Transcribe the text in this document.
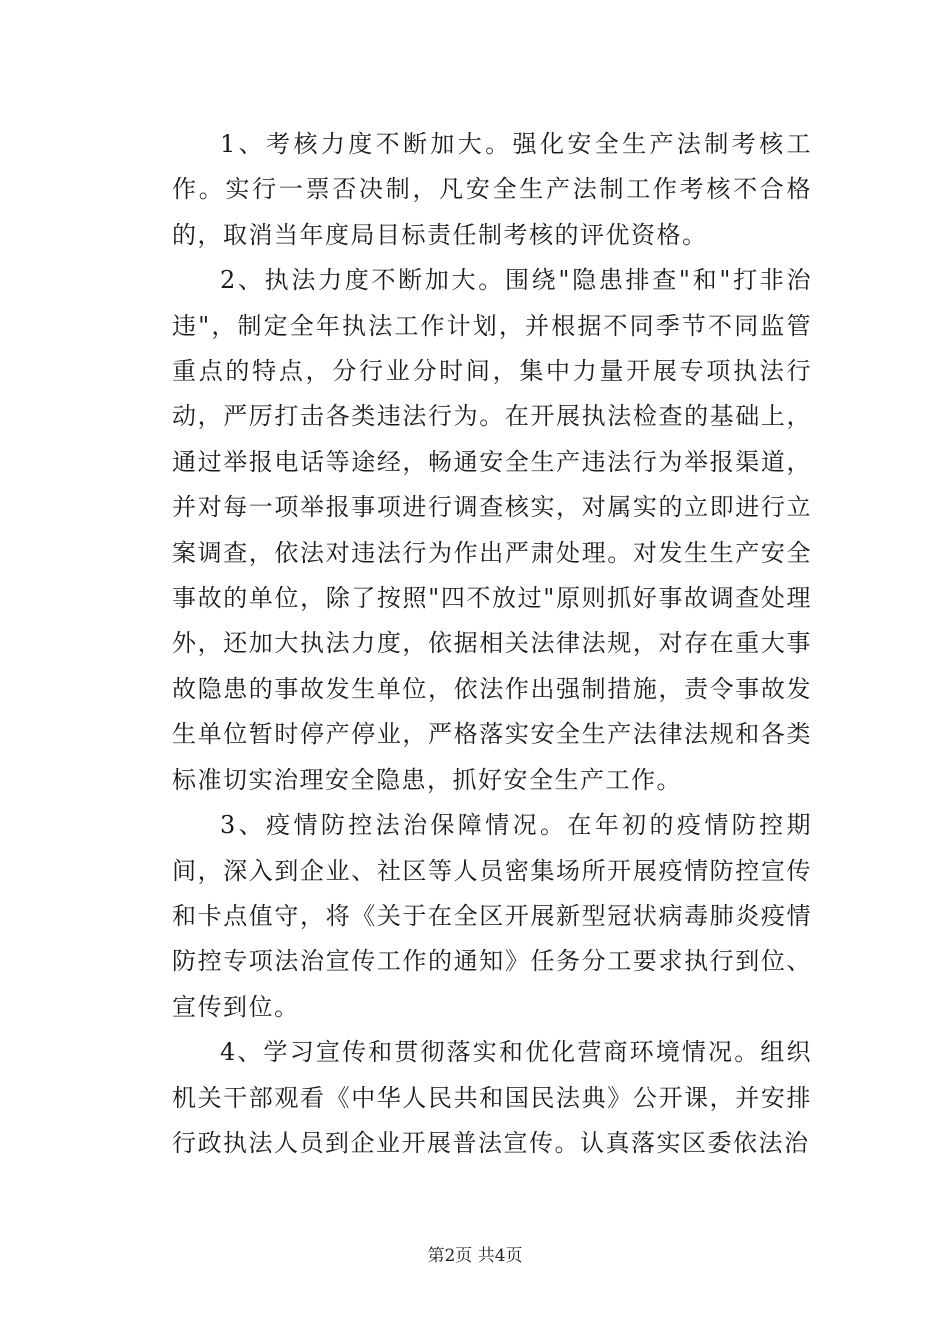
1、考核力度不断加大。强化安全生产法制考核工作。实行一票否决制，凡安全生产法制工作考核不合格的，取消当年度局目标责任制考核的评优资格。

2、执法力度不断加大。围绕"隐患排查"和"打非治违"，制定全年执法工作计划，并根据不同季节不同监管重点的特点，分行业分时间，集中力量开展专项执法行动，严厉打击各类违法行为。在开展执法检查的基础上，通过举报电话等途经，畅通安全生产违法行为举报渠道，并对每一项举报事项进行调查核实，对属实的立即进行立案调查，依法对违法行为作出严肃处理。对发生生产安全事故的单位，除了按照"四不放过"原则抓好事故调查处理外，还加大执法力度，依据相关法律法规，对存在重大事故隐患的事故发生单位，依法作出强制措施，责令事故发生单位暂时停产停业，严格落实安全生产法律法规和各类标准切实治理安全隐患，抓好安全生产工作。

3、疫情防控法治保障情况。在年初的疫情防控期间，深入到企业、社区等人员密集场所开展疫情防控宣传和卡点值守，将《关于在全区开展新型冠状病毒肺炎疫情防控专项法治宣传工作的通知》任务分工要求执行到位、宣传到位。

4、学习宣传和贯彻落实和优化营商环境情况。组织机关干部观看《中华人民共和国民法典》公开课，并安排行政执法人员到企业开展普法宣传。认真落实区委依法治

第2页 共4页
